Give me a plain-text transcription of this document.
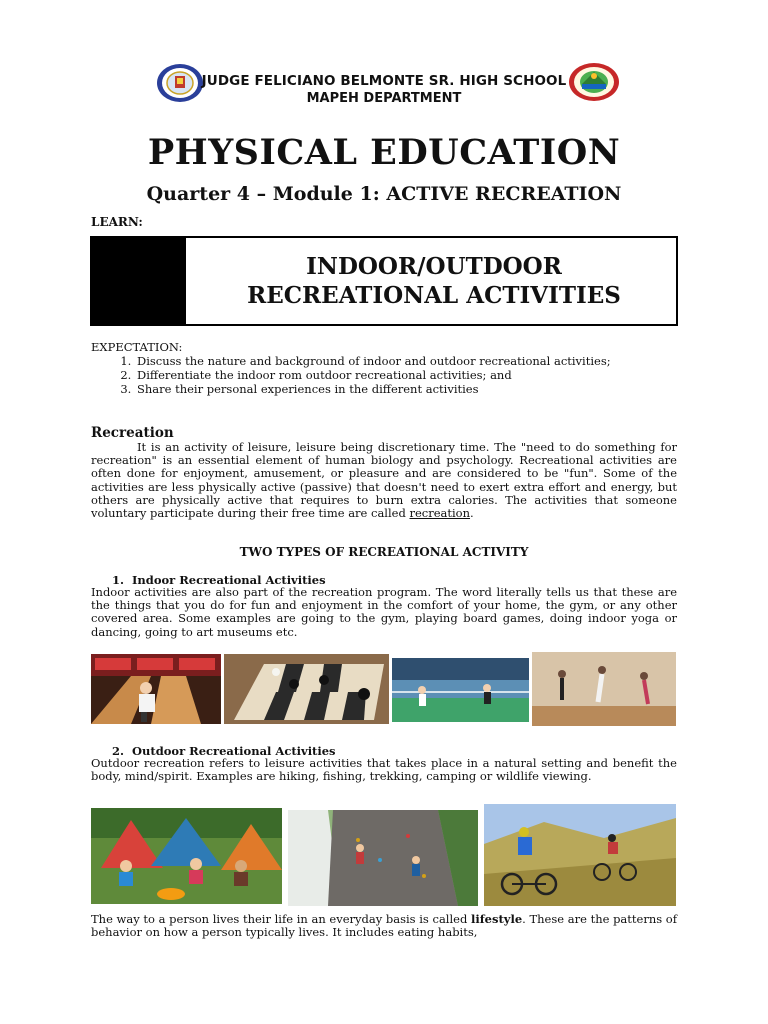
JUDGE FELICIANO BELMONTE SR. HIGH SCHOOL
MAPEH DEPARTMENT
PHYSICAL EDUCATION
Quarter 4 – Module 1: ACTIVE RECREATION
LEARN:
INDOOR/OUTDOOR
RECREATIONAL ACTIVITIES
EXPECTATION:
1. Discuss the nature and background of indoor and outdoor recreational activities;
2. Differentiate the indoor rom outdoor recreational activities; and
3. Share their personal experiences in the different activities
Recreation
It is an activity of leisure, leisure being discretionary time. The "need to do something for recreation" is an essential element of human biology and psychology. Recreational activities are often done for enjoyment, amusement, or pleasure and are considered to be "fun". Some of the activities are less physically active (passive) that doesn't need to exert extra effort and energy, but others are physically active that requires to burn extra calories. The activities that someone voluntary participate during their free time are called recreation.
TWO TYPES OF RECREATIONAL ACTIVITY
1. Indoor Recreational Activities
Indoor activities are also part of the recreation program. The word literally tells us that these are the things that you do for fun and enjoyment in the comfort of your home, the gym, or any other covered area. Some examples are going to the gym, playing board games, doing indoor yoga or dancing, going to art museums etc.
2. Outdoor Recreational Activities
Outdoor recreation refers to leisure activities that takes place in a natural setting and benefit the body, mind/spirit. Examples are hiking, fishing, trekking, camping or wildlife viewing.
The way to a person lives their life in an everyday basis is called lifestyle. These are the patterns of behavior on how a person typically lives. It includes eating habits,
